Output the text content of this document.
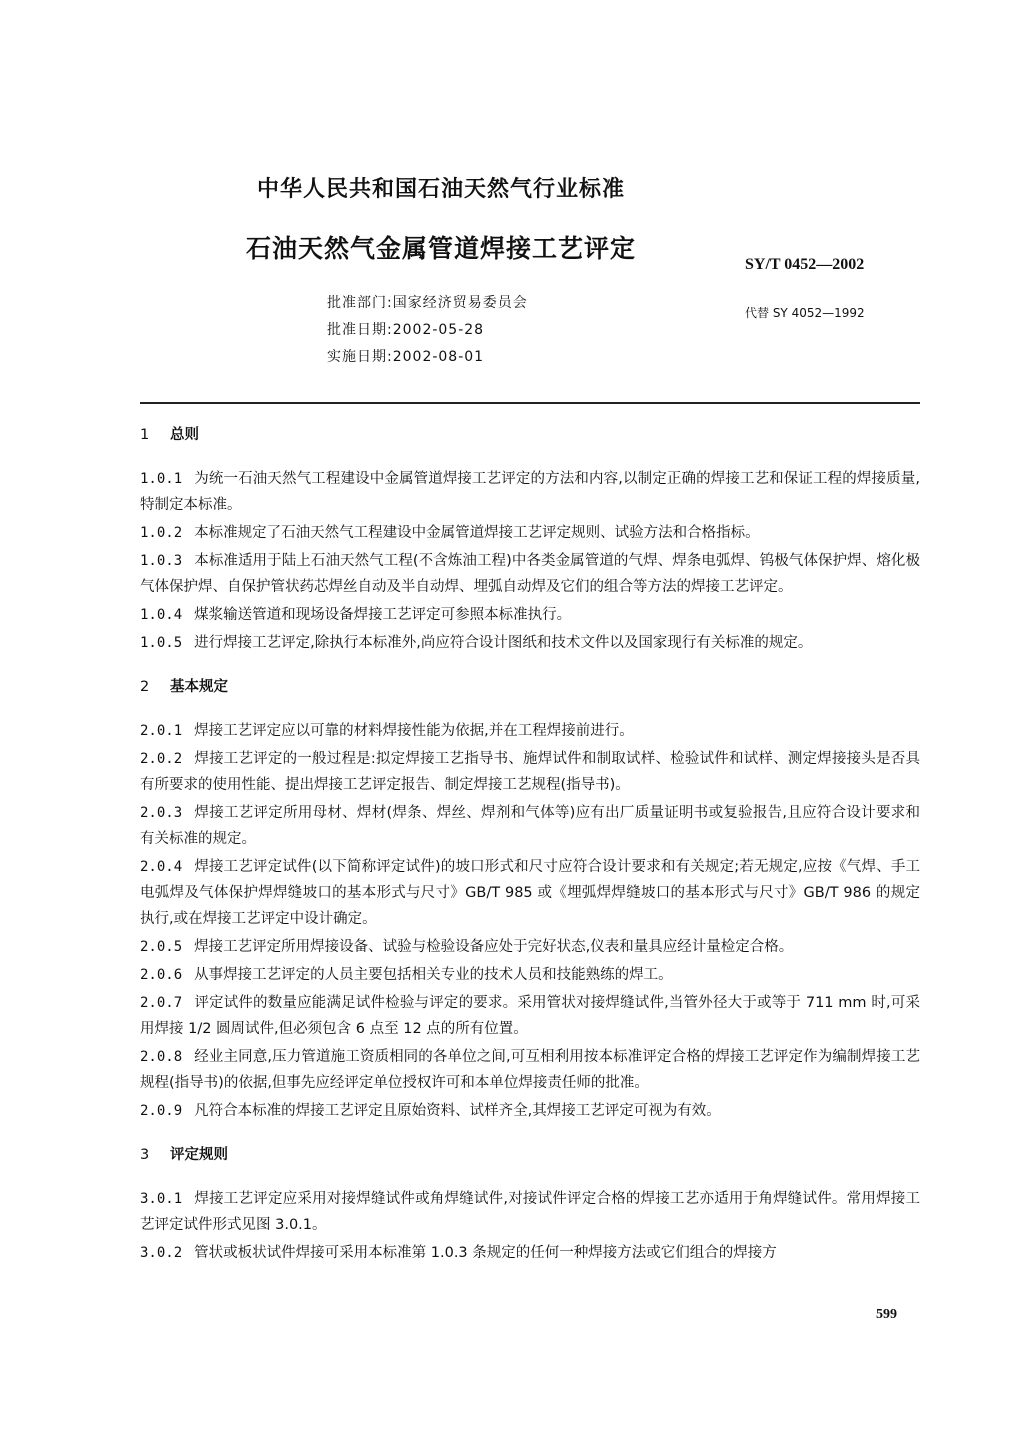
中华人民共和国石油天然气行业标准
石油天然气金属管道焊接工艺评定
SY/T 0452—2002
代替 SY 4052—1992
批准部门:国家经济贸易委员会
批准日期:2002-05-28
实施日期:2002-08-01
1 总则

1.0.1 为统一石油天然气工程建设中金属管道焊接工艺评定的方法和内容,以制定正确的焊接工艺和保证工程的焊接质量,特制定本标准。

1.0.2 本标准规定了石油天然气工程建设中金属管道焊接工艺评定规则、试验方法和合格指标。

1.0.3 本标准适用于陆上石油天然气工程(不含炼油工程)中各类金属管道的气焊、焊条电弧焊、钨极气体保护焊、熔化极气体保护焊、自保护管状药芯焊丝自动及半自动焊、埋弧自动焊及它们的组合等方法的焊接工艺评定。

1.0.4 煤浆输送管道和现场设备焊接工艺评定可参照本标准执行。

1.0.5 进行焊接工艺评定,除执行本标准外,尚应符合设计图纸和技术文件以及国家现行有关标准的规定。

2 基本规定

2.0.1 焊接工艺评定应以可靠的材料焊接性能为依据,并在工程焊接前进行。

2.0.2 焊接工艺评定的一般过程是:拟定焊接工艺指导书、施焊试件和制取试样、检验试件和试样、测定焊接接头是否具有所要求的使用性能、提出焊接工艺评定报告、制定焊接工艺规程(指导书)。

2.0.3 焊接工艺评定所用母材、焊材(焊条、焊丝、焊剂和气体等)应有出厂质量证明书或复验报告,且应符合设计要求和有关标准的规定。

2.0.4 焊接工艺评定试件(以下简称评定试件)的坡口形式和尺寸应符合设计要求和有关规定;若无规定,应按《气焊、手工电弧焊及气体保护焊焊缝坡口的基本形式与尺寸》GB/T 985 或《埋弧焊焊缝坡口的基本形式与尺寸》GB/T 986 的规定执行,或在焊接工艺评定中设计确定。

2.0.5 焊接工艺评定所用焊接设备、试验与检验设备应处于完好状态,仪表和量具应经计量检定合格。

2.0.6 从事焊接工艺评定的人员主要包括相关专业的技术人员和技能熟练的焊工。

2.0.7 评定试件的数量应能满足试件检验与评定的要求。采用管状对接焊缝试件,当管外径大于或等于 711 mm 时,可采用焊接 1/2 圆周试件,但必须包含 6 点至 12 点的所有位置。

2.0.8 经业主同意,压力管道施工资质相同的各单位之间,可互相利用按本标准评定合格的焊接工艺评定作为编制焊接工艺规程(指导书)的依据,但事先应经评定单位授权许可和本单位焊接责任师的批准。

2.0.9 凡符合本标准的焊接工艺评定且原始资料、试样齐全,其焊接工艺评定可视为有效。

3 评定规则

3.0.1 焊接工艺评定应采用对接焊缝试件或角焊缝试件,对接试件评定合格的焊接工艺亦适用于角焊缝试件。常用焊接工艺评定试件形式见图 3.0.1。

3.0.2 管状或板状试件焊接可采用本标准第 1.0.3 条规定的任何一种焊接方法或它们组合的焊接方

599
